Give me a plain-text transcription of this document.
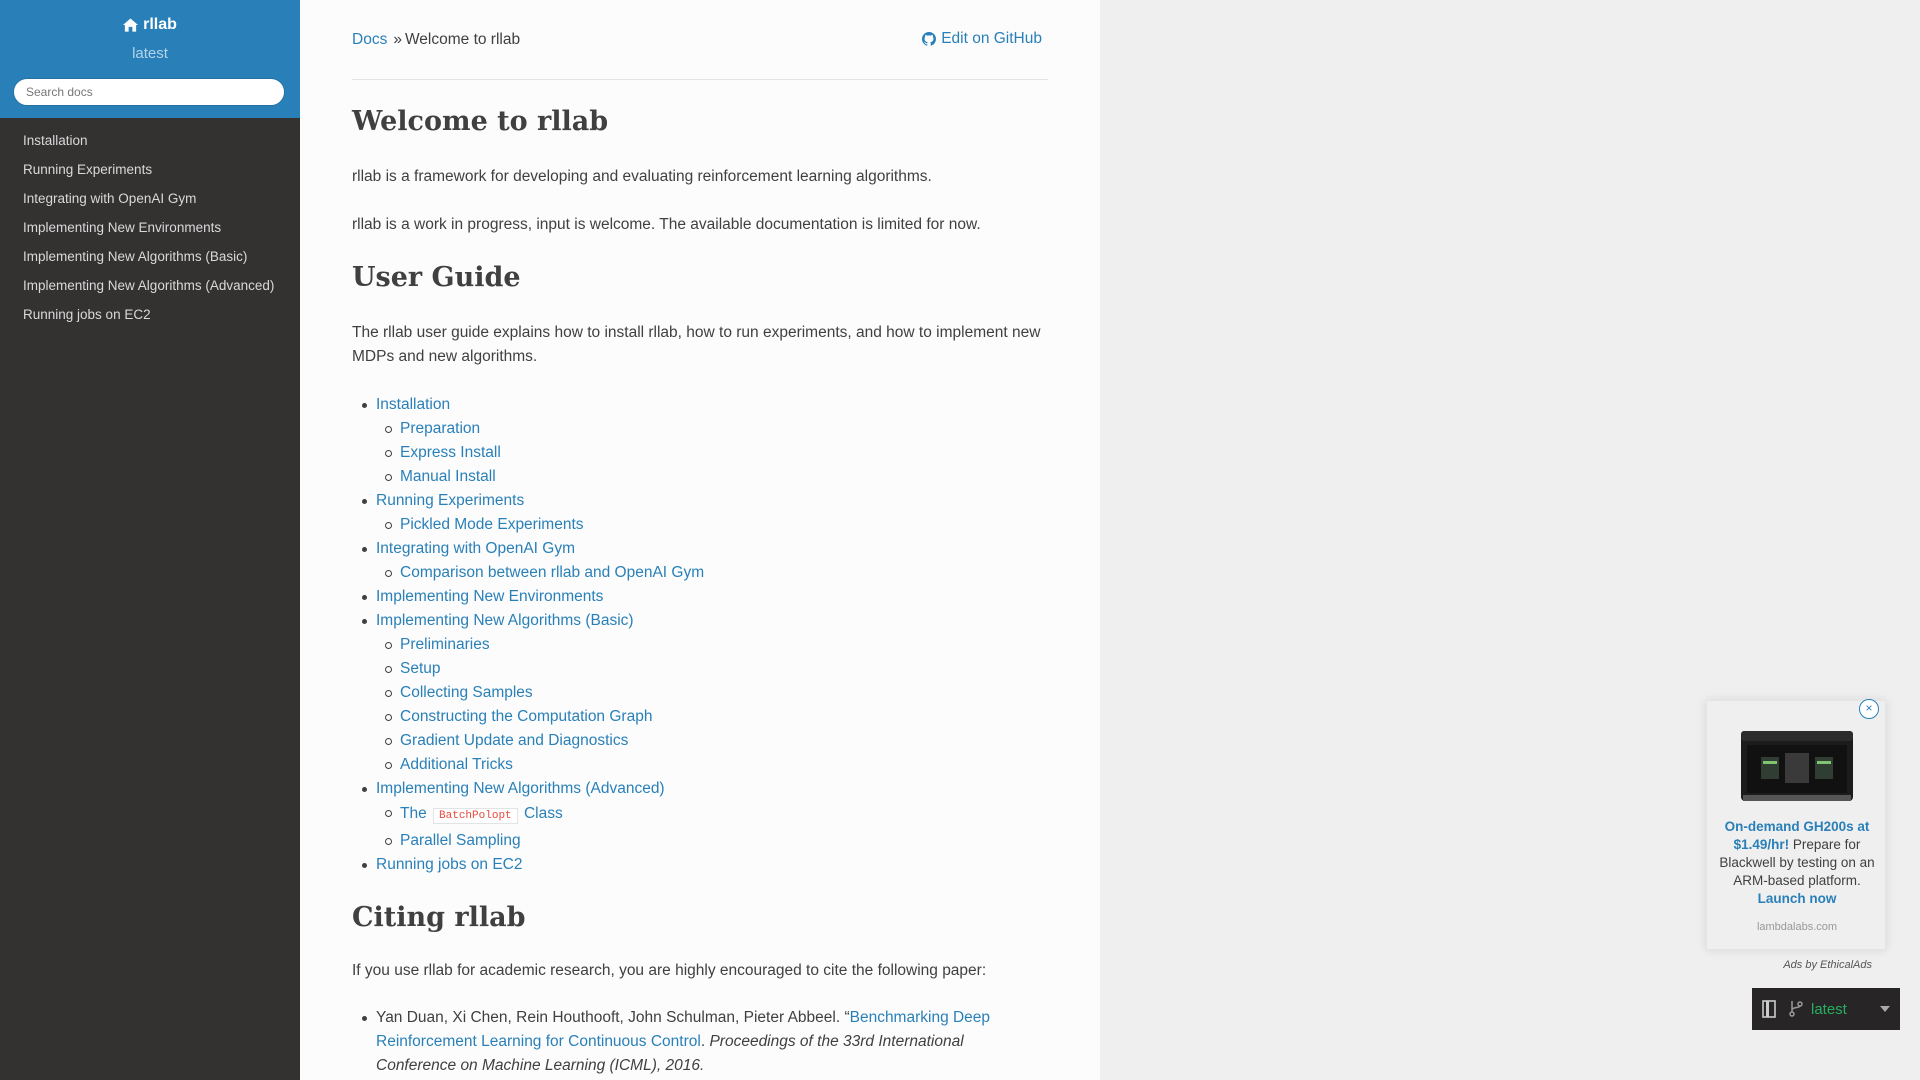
rllab
latest
Search docs
Installation
Running Experiments
Integrating with OpenAI Gym
Implementing New Environments
Implementing New Algorithms (Basic)
Implementing New Algorithms (Advanced)
Running jobs on EC2
Docs » Welcome to rllab	Edit on GitHub
Welcome to rllab

rllab is a framework for developing and evaluating reinforcement learning algorithms.

rllab is a work in progress, input is welcome. The available documentation is limited for now.

User Guide

The rllab user guide explains how to install rllab, how to run experiments, and how to implement new MDPs and new algorithms.

Installation
Preparation
Express Install
Manual Install
Running Experiments
Pickled Mode Experiments
Integrating with OpenAI Gym
Comparison between rllab and OpenAI Gym
Implementing New Environments
Implementing New Algorithms (Basic)
Preliminaries
Setup
Collecting Samples
Constructing the Computation Graph
Gradient Update and Diagnostics
Additional Tricks
Implementing New Algorithms (Advanced)
The BatchPolopt Class
Parallel Sampling
Running jobs on EC2
Citing rllab

If you use rllab for academic research, you are highly encouraged to cite the following paper:

Yan Duan, Xi Chen, Rein Houthooft, John Schulman, Pieter Abbeel. “Benchmarking Deep Reinforcement Learning for Continuous Control. Proceedings of the 33rd International Conference on Machine Learning (ICML), 2016.
×
On-demand GH200s at $1.49/hr! Prepare for Blackwell by testing on an ARM-based platform. Launch now
lambdalabs.com
Ads by EthicalAds
latest
